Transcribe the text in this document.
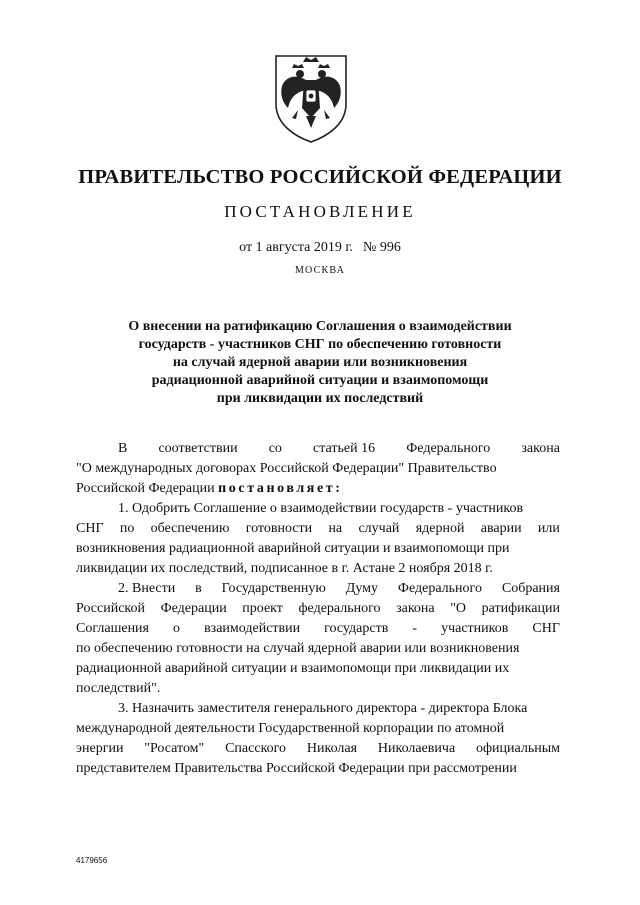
ПРАВИТЕЛЬСТВО РОССИЙСКОЙ ФЕДЕРАЦИИ
ПОСТАНОВЛЕНИЕ
от 1 августа 2019 г. № 996
МОСКВА
О внесении на ратификацию Соглашения о взаимодействии
государств - участников СНГ по обеспечению готовности
на случай ядерной аварии или возникновения
радиационной аварийной ситуации и взаимопомощи
при ликвидации их последствий
В соответствии со статьей 16 Федерального закона
"О международных договорах Российской Федерации" Правительство
Российской Федерации
постановляет:
1. Одобрить Соглашение о взаимодействии государств - участников
СНГ по обеспечению готовности на случай ядерной аварии или
возникновения радиационной аварийной ситуации и взаимопомощи при
ликвидации их последствий, подписанное в г. Астане 2 ноября 2018 г.
2. Внести в Государственную Думу Федерального Собрания
Российской Федерации проект федерального закона "О ратификации
Соглашения о взаимодействии государств - участников СНГ
по обеспечению готовности на случай ядерной аварии или возникновения
радиационной аварийной ситуации и взаимопомощи при ликвидации их
последствий".
3. Назначить заместителя генерального директора - директора Блока
международной деятельности Государственной корпорации по атомной
энергии "Росатом" Спасского Николая Николаевича официальным
представителем Правительства Российской Федерации при рассмотрении
4179656
